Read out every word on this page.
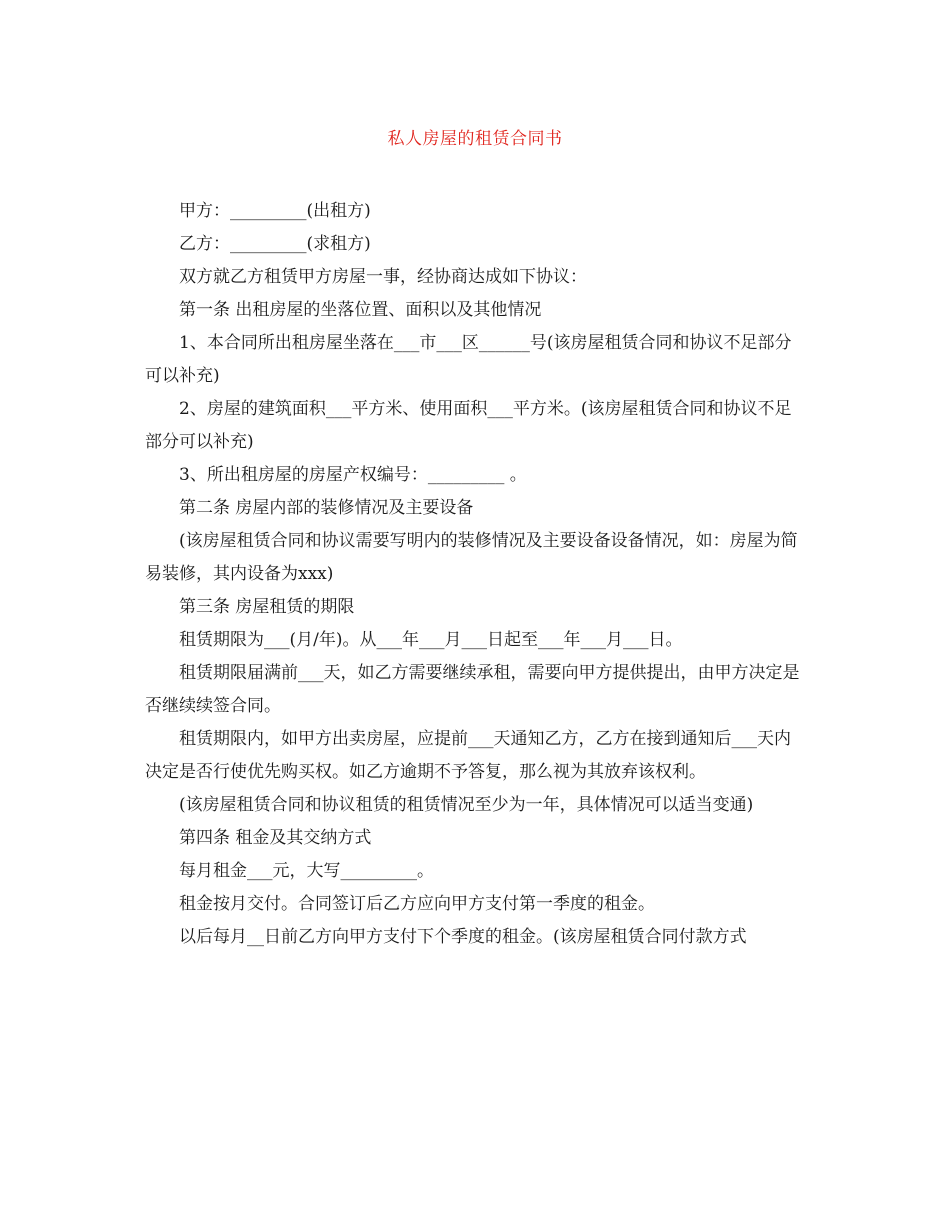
私人房屋的租赁合同书

甲方：_________(出租方)

乙方：_________(求租方)

双方就乙方租赁甲方房屋一事，经协商达成如下协议：

第一条 出租房屋的坐落位置、面积以及其他情况

1、本合同所出租房屋坐落在___市___区______号(该房屋租赁合同和协议不足部分可以补充)

2、房屋的建筑面积___平方米、使用面积___平方米。(该房屋租赁合同和协议不足部分可以补充)

3、所出租房屋的房屋产权编号：_________ 。

第二条 房屋内部的装修情况及主要设备

(该房屋租赁合同和协议需要写明内的装修情况及主要设备设备情况，如：房屋为简易装修，其内设备为xxx)

第三条 房屋租赁的期限

租赁期限为___(月/年)。从___年___月___日起至___年___月___日。

租赁期限届满前___天，如乙方需要继续承租，需要向甲方提供提出，由甲方决定是否继续续签合同。

租赁期限内，如甲方出卖房屋，应提前___天通知乙方，乙方在接到通知后___天内决定是否行使优先购买权。如乙方逾期不予答复，那么视为其放弃该权利。

(该房屋租赁合同和协议租赁的租赁情况至少为一年，具体情况可以适当变通)

第四条 租金及其交纳方式

每月租金___元，大写_________。

租金按月交付。合同签订后乙方应向甲方支付第一季度的租金。

以后每月__日前乙方向甲方支付下个季度的租金。(该房屋租赁合同付款方式
